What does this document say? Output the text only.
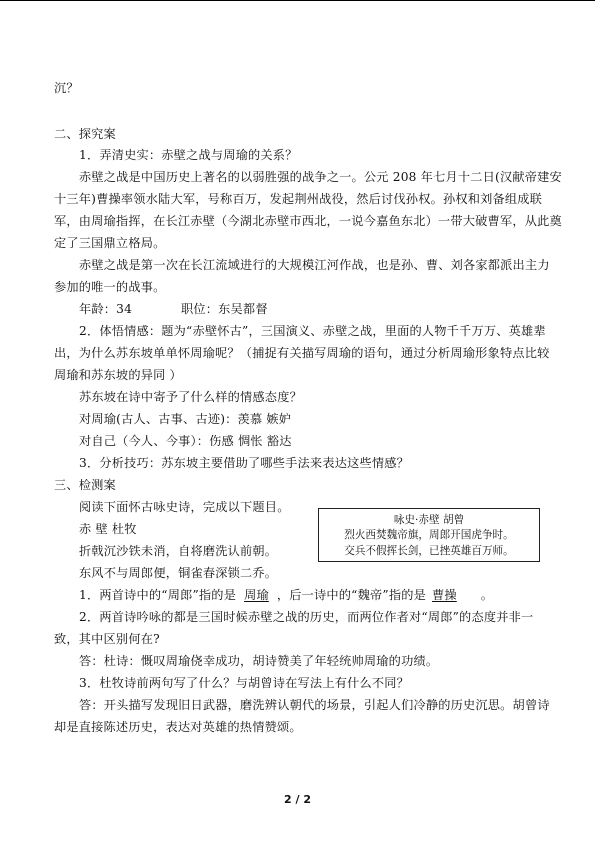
沉？
二、探究案
1．弄清史实：赤壁之战与周瑜的关系？
赤壁之战是中国历史上著名的以弱胜强的战争之一。公元 208 年七月十二日(汉献帝建安
十三年)曹操率领水陆大军，号称百万，发起荆州战役，然后讨伐孙权。孙权和刘备组成联
军，由周瑜指挥，在长江赤壁（今湖北赤壁市西北，一说今嘉鱼东北）一带大破曹军，从此奠
定了三国鼎立格局。
赤壁之战是第一次在长江流域进行的大规模江河作战，也是孙、曹、刘各家都派出主力
参加的唯一的战事。
年龄：34	职位：东吴都督
2．体悟情感：题为“赤壁怀古”，三国演义、赤壁之战，里面的人物千千万万、英雄辈
出，为什么苏东坡单单怀周瑜呢？（捕捉有关描写周瑜的语句，通过分析周瑜形象特点比较
周瑜和苏东坡的异同 ）
苏东坡在诗中寄予了什么样的情感态度？
对周瑜(古人、古事、古迹)：羡慕 嫉妒
对自己（今人、今事）：伤感 惆怅 豁达
3．分析技巧：苏东坡主要借助了哪些手法来表达这些情感？
三、检测案
阅读下面怀古咏史诗，完成以下题目。
赤 壁 杜牧
折戟沉沙铁未消，自将磨洗认前朝。
东风不与周郎便，铜雀春深锁二乔。
咏史·赤壁 胡曾
烈火西焚魏帝旗，周郎开国虎争时。
交兵不假挥长剑，已挫英雄百万师。
1．两首诗中的“周郎”指的是 周瑜 ，后一诗中的“魏帝”指的是 曹操 。
2．两首诗吟咏的都是三国时候赤壁之战的历史，而两位作者对“周郎”的态度并非一
致，其中区别何在?
答：杜诗：慨叹周瑜侥幸成功，胡诗赞美了年轻统帅周瑜的功绩。
3．杜牧诗前两句写了什么？与胡曾诗在写法上有什么不同？
答：开头描写发现旧日武器，磨洗辨认朝代的场景，引起人们冷静的历史沉思。胡曾诗
却是直接陈述历史，表达对英雄的热情赞颂。
2 / 2
